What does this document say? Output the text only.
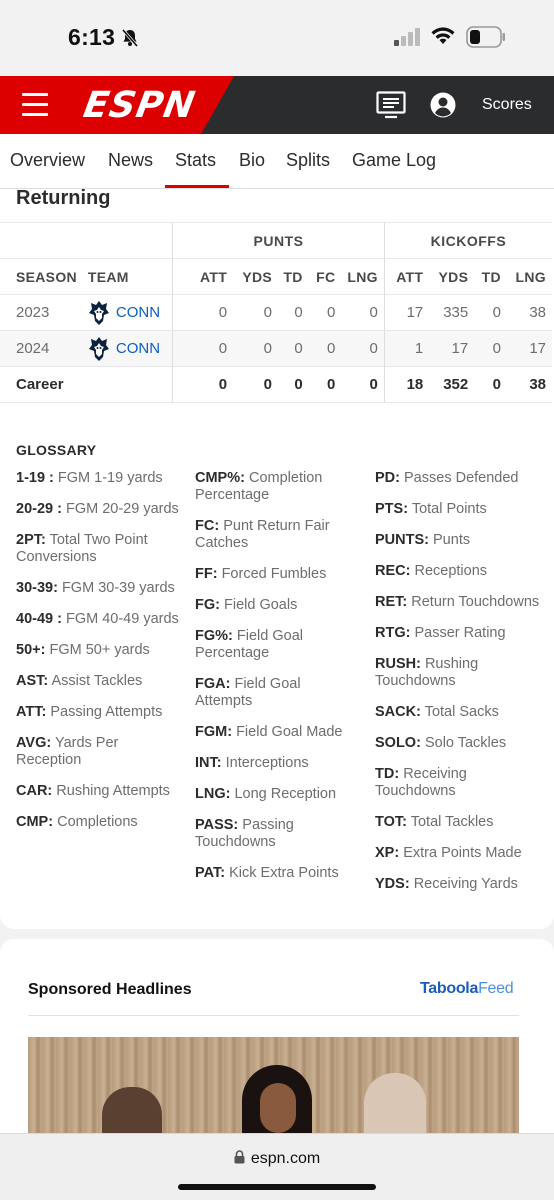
6:13
ESPN	Scores
Overview News Stats Bio Splits Game Log
Returning
		PUNTS					KICKOFFS			
SEASON	TEAM	ATT	YDS	TD	FC	LNG	ATT	YDS	TD	LNG
2023	CONN	0	0	0	0	0	17	335	0	38
2024	CONN	0	0	0	0	0	1	17	0	17
Career		0	0	0	0	0	18	352	0	38
GLOSSARY
1-19 : FGM 1-19 yards
20-29 : FGM 20-29 yards
2PT: Total Two Point Conversions
30-39: FGM 30-39 yards
40-49 : FGM 40-49 yards
50+: FGM 50+ yards
AST: Assist Tackles
ATT: Passing Attempts
AVG: Yards Per Reception
CAR: Rushing Attempts
CMP: Completions
CMP%: Completion Percentage
FC: Punt Return Fair Catches
FF: Forced Fumbles
FG: Field Goals
FG%: Field Goal Percentage
FGA: Field Goal Attempts
FGM: Field Goal Made
INT: Interceptions
LNG: Long Reception
PASS: Passing Touchdowns
PAT: Kick Extra Points
PD: Passes Defended
PTS: Total Points
PUNTS: Punts
REC: Receptions
RET: Return Touchdowns
RTG: Passer Rating
RUSH: Rushing Touchdowns
SACK: Total Sacks
SOLO: Solo Tackles
TD: Receiving Touchdowns
TOT: Total Tackles
XP: Extra Points Made
YDS: Receiving Yards
Sponsored Headlines	TaboolaFeed
espn.com
